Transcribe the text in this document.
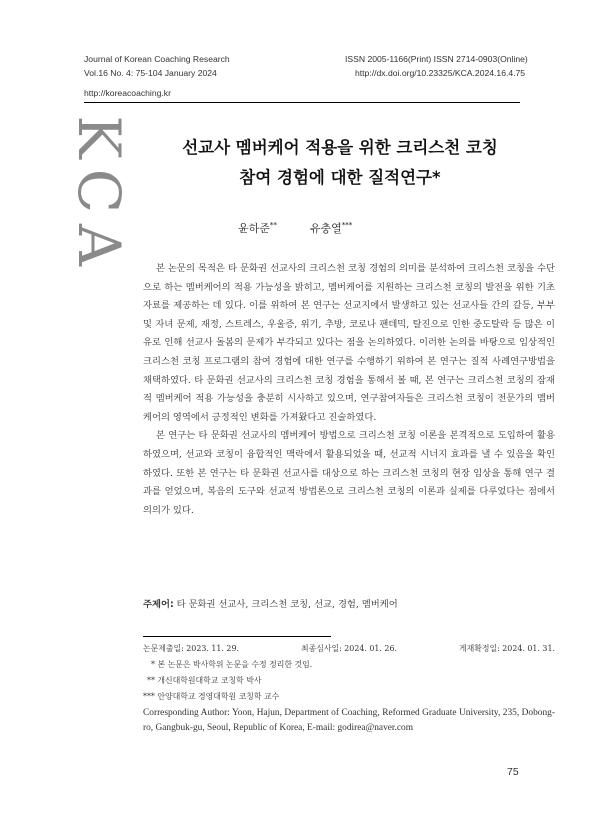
Journal of Korean Coaching Research
Vol.16 No. 4: 75-104 January 2024
ISSN 2005-1166(Print) ISSN 2714-0903(Online)
http://dx.doi.org/10.23325/KCA.2024.16.4.75
http://koreacoaching.kr
K
C
A
선교사 멤버케어 적용을 위한 크리스천 코칭
참여 경험에 대한 질적연구*
윤하준**	유충열***

본 논문의 목적은 타 문화권 선교사의 크리스천 코칭 경험의 의미를 분석하여 크리스천 코칭을 수단으로 하는 멤버케어의 적용 가능성을 밝히고, 멤버케어를 지원하는 크리스천 코칭의 발전을 위한 기초자료를 제공하는 데 있다. 이를 위하여 본 연구는 선교지에서 발생하고 있는 선교사들 간의 갈등, 부부 및 자녀 문제, 재정, 스트레스, 우울증, 위기, 추방, 코로나 팬데믹, 탈진으로 인한 중도탈락 등 많은 이유로 인해 선교사 돌봄의 문제가 부각되고 있다는 점을 논의하였다. 이러한 논의를 바탕으로 임상적인 크리스천 코칭 프로그램의 참여 경험에 대한 연구를 수행하기 위하여 본 연구는 질적 사례연구방법을 채택하였다. 타 문화권 선교사의 크리스천 코칭 경험을 통해서 볼 때, 본 연구는 크리스천 코칭의 잠재적 멤버케어 적용 가능성을 충분히 시사하고 있으며, 연구참여자들은 크리스천 코칭이 전문가의 멤버케어의 영역에서 긍정적인 변화를 가져왔다고 진술하였다.

본 연구는 타 문화권 선교사의 멤버케어 방법으로 크리스천 코칭 이론을 본격적으로 도입하여 활용하였으며, 선교와 코칭이 융합적인 맥락에서 활용되었을 때, 선교적 시너지 효과를 낼 수 있음을 확인하였다. 또한 본 연구는 타 문화권 선교사를 대상으로 하는 크리스천 코칭의 현장 임상을 통해 연구 결과를 얻었으며, 복음의 도구와 선교적 방법론으로 크리스천 코칭의 이론과 실제를 다루었다는 점에서 의의가 있다.

주제어: 타 문화권 선교사, 크리스천 코칭, 선교, 경험, 멤버케어
논문제출일: 2023. 11. 29.	최종심사일: 2024. 01. 26.	게재확정일: 2024. 01. 31.
* 본 논문은 박사학위 논문을 수정 정리한 것임.
** 개신대학원대학교 코칭학 박사
*** 안양대학교 경영대학원 코칭학 교수
Corresponding Author: Yoon, Hajun, Department of Coaching, Reformed Graduate University, 235, Dobong-ro, Gangbuk-gu, Seoul, Republic of Korea, E-mail: godirea@naver.com
75
